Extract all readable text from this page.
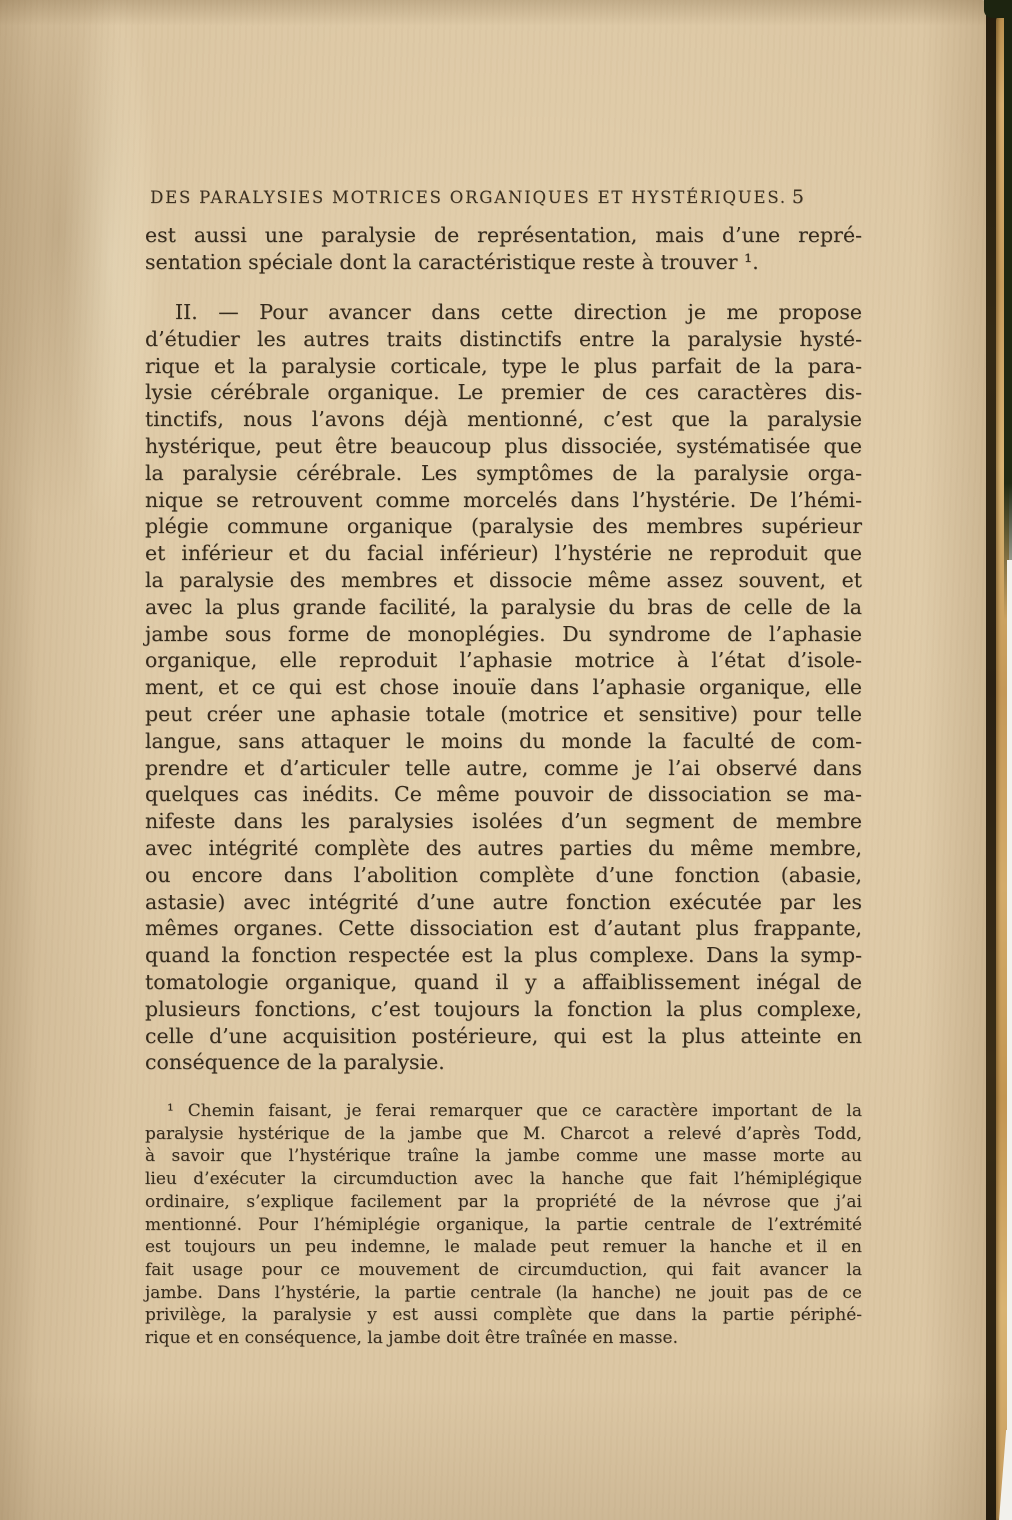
DES PARALYSIES MOTRICES ORGANIQUES ET HYSTÉRIQUES. 5
est aussi une paralysie de représentation, mais d’une repré-
sentation spéciale dont la caractéristique reste à trouver ¹.
II. — Pour avancer dans cette direction je me propose
d’étudier les autres traits distinctifs entre la paralysie hysté-
rique et la paralysie corticale, type le plus parfait de la para-
lysie cérébrale organique. Le premier de ces caractères dis-
tinctifs, nous l’avons déjà mentionné, c’est que la paralysie
hystérique, peut être beaucoup plus dissociée, systématisée que
la paralysie cérébrale. Les symptômes de la paralysie orga-
nique se retrouvent comme morcelés dans l’hystérie. De l’hémi-
plégie commune organique (paralysie des membres supérieur
et inférieur et du facial inférieur) l’hystérie ne reproduit que
la paralysie des membres et dissocie même assez souvent, et
avec la plus grande facilité, la paralysie du bras de celle de la
jambe sous forme de monoplégies. Du syndrome de l’aphasie
organique, elle reproduit l’aphasie motrice à l’état d’isole-
ment, et ce qui est chose inouïe dans l’aphasie organique, elle
peut créer une aphasie totale (motrice et sensitive) pour telle
langue, sans attaquer le moins du monde la faculté de com-
prendre et d’articuler telle autre, comme je l’ai observé dans
quelques cas inédits. Ce même pouvoir de dissociation se ma-
nifeste dans les paralysies isolées d’un segment de membre
avec intégrité complète des autres parties du même membre,
ou encore dans l’abolition complète d’une fonction (abasie,
astasie) avec intégrité d’une autre fonction exécutée par les
mêmes organes. Cette dissociation est d’autant plus frappante,
quand la fonction respectée est la plus complexe. Dans la symp-
tomatologie organique, quand il y a affaiblissement inégal de
plusieurs fonctions, c’est toujours la fonction la plus complexe,
celle d’une acquisition postérieure, qui est la plus atteinte en
conséquence de la paralysie.
¹ Chemin faisant, je ferai remarquer que ce caractère important de la
paralysie hystérique de la jambe que M. Charcot a relevé d’après Todd,
à savoir que l’hystérique traîne la jambe comme une masse morte au
lieu d’exécuter la circumduction avec la hanche que fait l’hémiplégique
ordinaire, s’explique facilement par la propriété de la névrose que j’ai
mentionné. Pour l’hémiplégie organique, la partie centrale de l’extrémité
est toujours un peu indemne, le malade peut remuer la hanche et il en
fait usage pour ce mouvement de circumduction, qui fait avancer la
jambe. Dans l’hystérie, la partie centrale (la hanche) ne jouit pas de ce
privilège, la paralysie y est aussi complète que dans la partie périphé-
rique et en conséquence, la jambe doit être traînée en masse.
